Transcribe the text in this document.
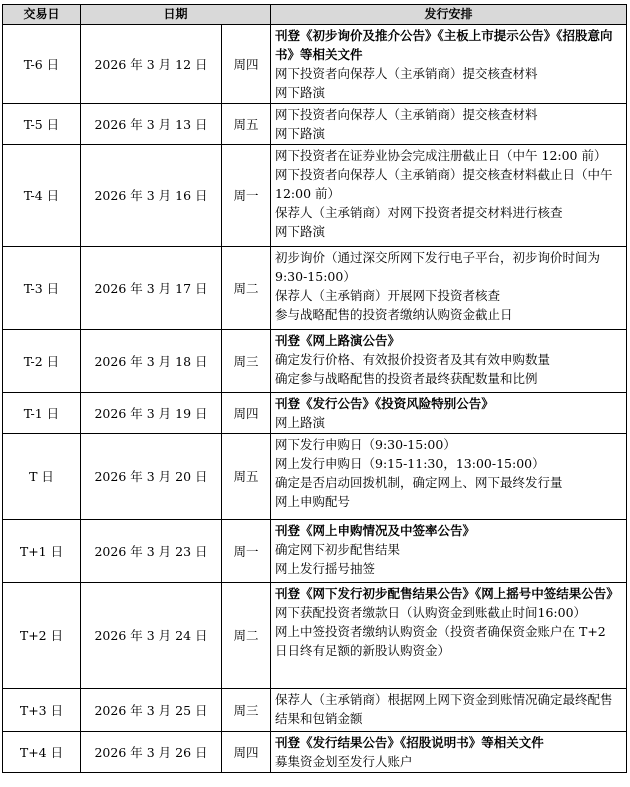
交易日	日期		发行安排
T-6 日	2026 年 3 月 12 日	周四	刊登《初步询价及推介公告》《主板上市提示公告》《招股意向书》等相关文件
网下投资者向保荐人（主承销商）提交核查材料
网下路演

T-5 日	2026 年 3 月 13 日	周五	网下投资者向保荐人（主承销商）提交核查材料
网下路演

T-4 日	2026 年 3 月 16 日	周一	网下投资者在证券业协会完成注册截止日（中午 12:00 前）
网下投资者向保荐人（主承销商）提交核查材料截止日（中午 12:00 前）
保荐人（主承销商）对网下投资者提交材料进行核查
网下路演

T-3 日	2026 年 3 月 17 日	周二	初步询价（通过深交所网下发行电子平台，初步询价时间为 9:30-15:00）
保荐人（主承销商）开展网下投资者核查
参与战略配售的投资者缴纳认购资金截止日

T-2 日	2026 年 3 月 18 日	周三	刊登《网上路演公告》
确定发行价格、有效报价投资者及其有效申购数量
确定参与战略配售的投资者最终获配数量和比例

T-1 日	2026 年 3 月 19 日	周四	刊登《发行公告》《投资风险特别公告》
网上路演

T 日	2026 年 3 月 20 日	周五	网下发行申购日（9:30-15:00）
网上发行申购日（9:15-11:30，13:00-15:00）
确定是否启动回拨机制，确定网上、网下最终发行量
网上申购配号

T+1 日	2026 年 3 月 23 日	周一	刊登《网上申购情况及中签率公告》
确定网下初步配售结果
网上发行摇号抽签

T+2 日	2026 年 3 月 24 日	周二	刊登《网下发行初步配售结果公告》《网上摇号中签结果公告》
网下获配投资者缴款日（认购资金到账截止时间16:00）
网上中签投资者缴纳认购资金（投资者确保资金账户在 T+2 日日终有足额的新股认购资金）

T+3 日	2026 年 3 月 25 日	周三	保荐人（主承销商）根据网上网下资金到账情况确定最终配售结果和包销金额

T+4 日	2026 年 3 月 26 日	周四	刊登《发行结果公告》《招股说明书》等相关文件
募集资金划至发行人账户
